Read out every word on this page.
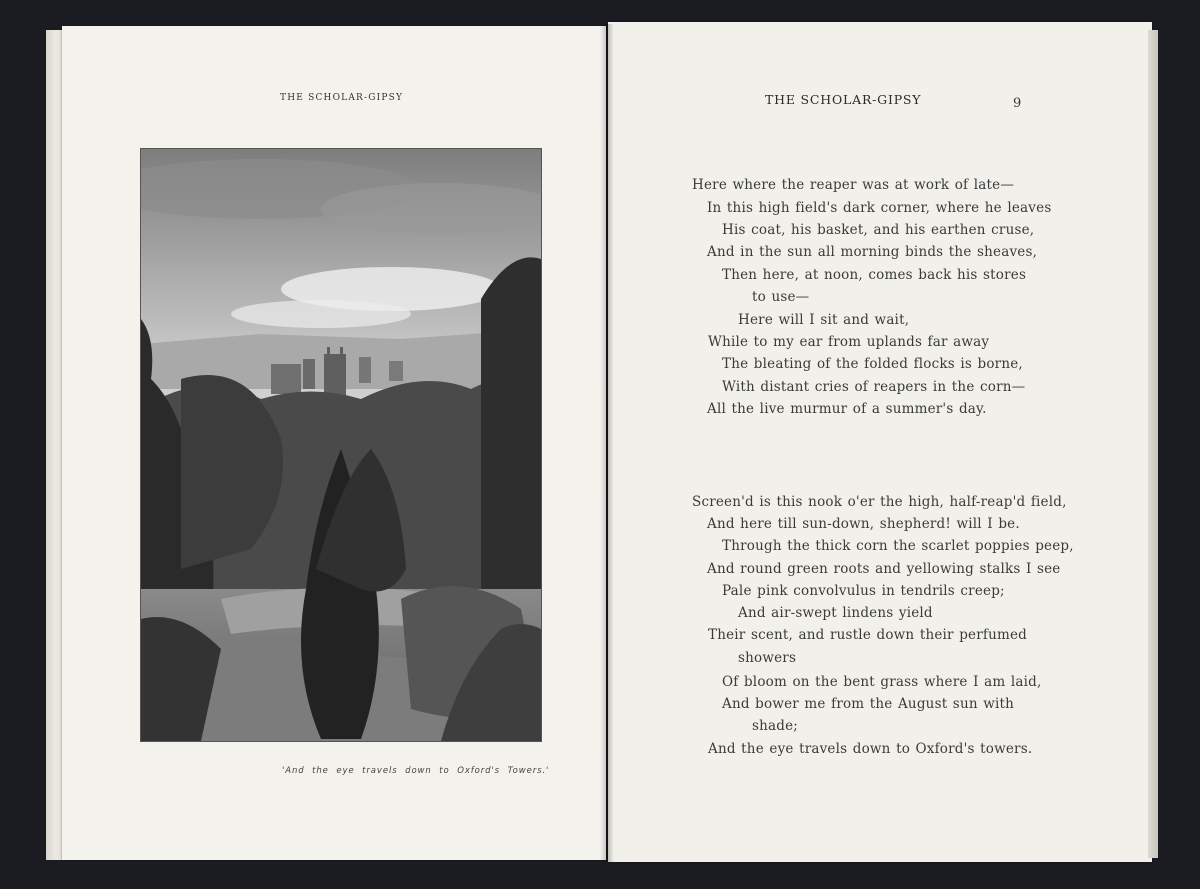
THE SCHOLAR-GIPSY
'And the eye travels down to Oxford's Towers.'
THE SCHOLAR-GIPSY	9
Here where the reaper was at work of late—
In this high field's dark corner, where he leaves
His coat, his basket, and his earthen cruse,
And in the sun all morning binds the sheaves,
Then here, at noon, comes back his stores
to use—
Here will I sit and wait,
While to my ear from uplands far away
The bleating of the folded flocks is borne,
With distant cries of reapers in the corn—
All the live murmur of a summer's day.
Screen'd is this nook o'er the high, half-reap'd field,
And here till sun-down, shepherd! will I be.
Through the thick corn the scarlet poppies peep,
And round green roots and yellowing stalks I see
Pale pink convolvulus in tendrils creep;
And air-swept lindens yield
Their scent, and rustle down their perfumed
showers
Of bloom on the bent grass where I am laid,
And bower me from the August sun with
shade;
And the eye travels down to Oxford's towers.
